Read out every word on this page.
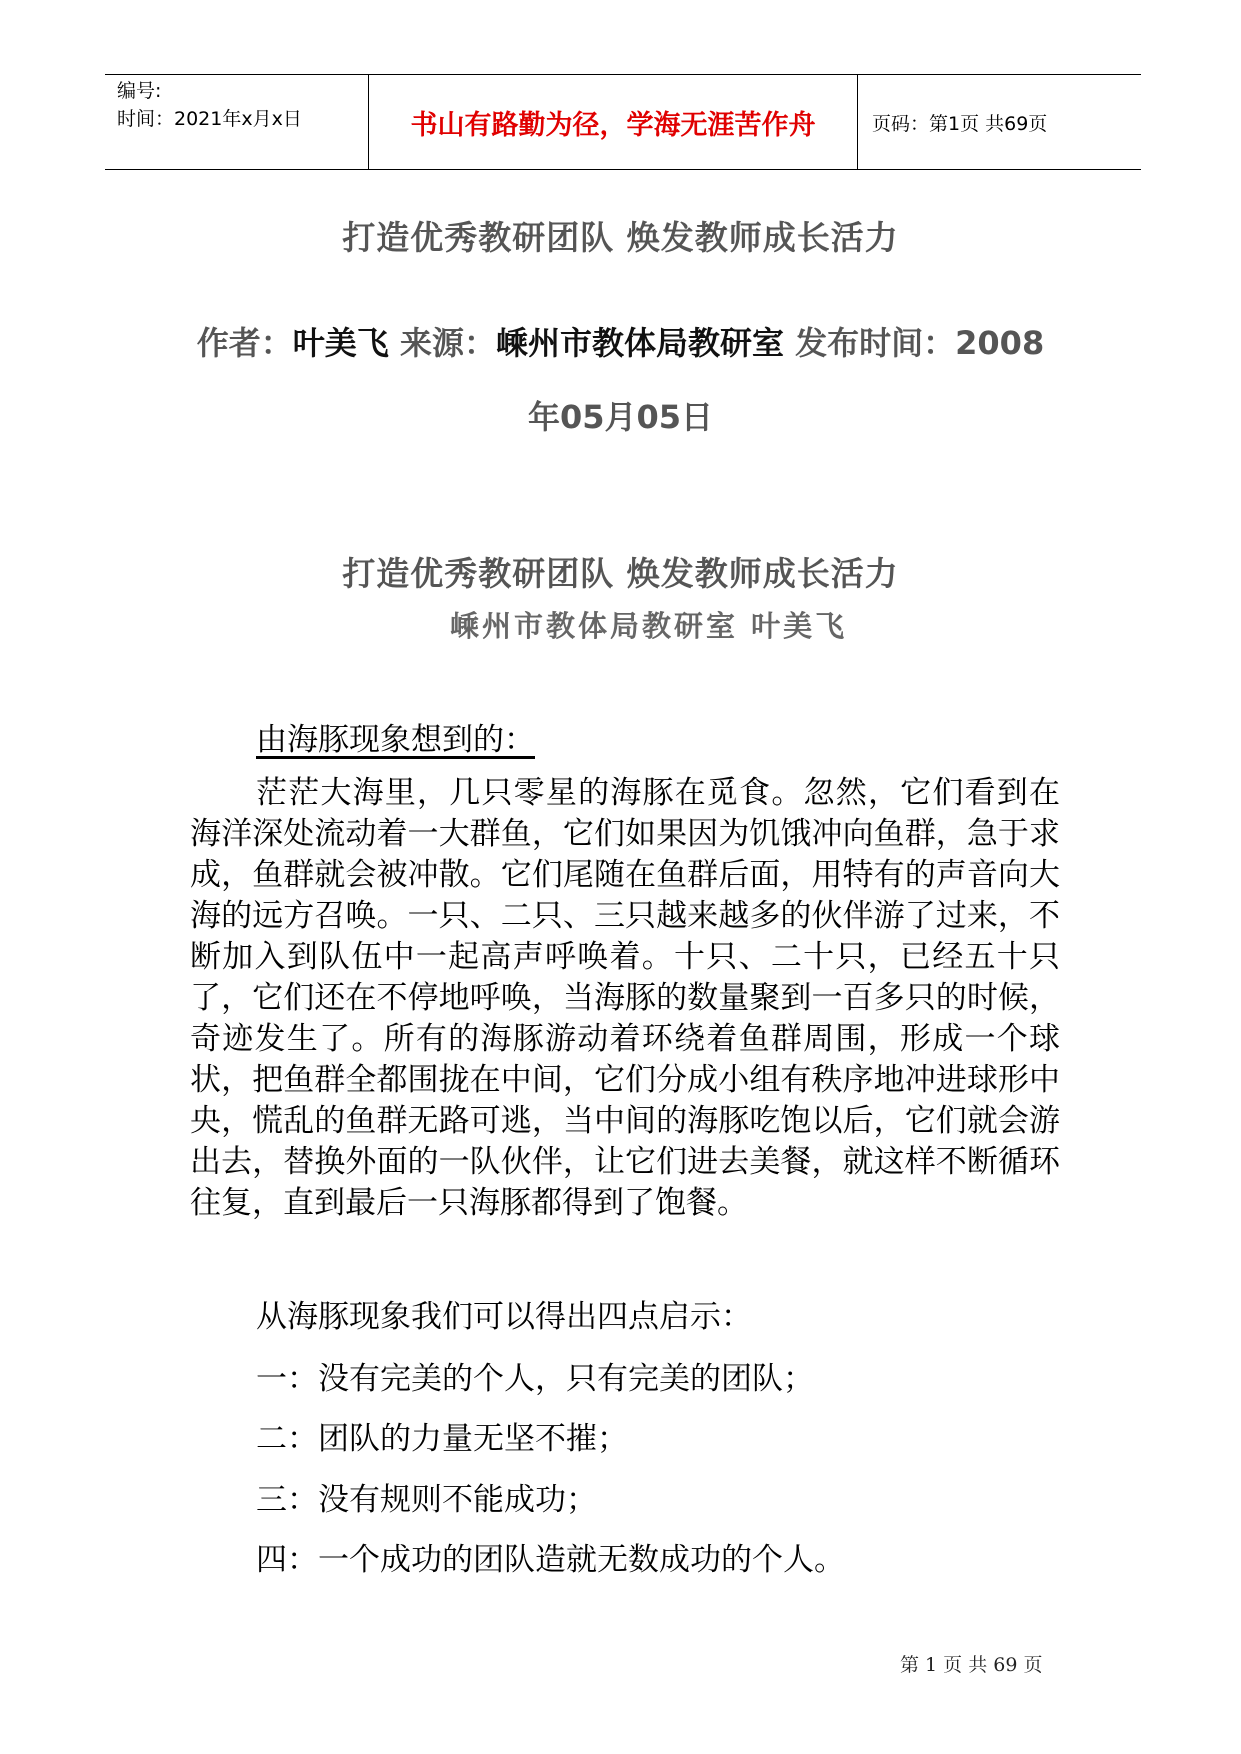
编号:
时间：2021年x月x日	书山有路勤为径，学海无涯苦作舟	页码：第1页 共69页
打造优秀教研团队 焕发教师成长活力
作者：叶美飞 来源：嵊州市教体局教研室 发布时间：2008
年05月05日
打造优秀教研团队 焕发教师成长活力
嵊州市教体局教研室 叶美飞
由海豚现象想到的：
茫茫大海里，几只零星的海豚在觅食。忽然，它们看到在海洋深处流动着一大群鱼，它们如果因为饥饿冲向鱼群，急于求成，鱼群就会被冲散。它们尾随在鱼群后面，用特有的声音向大海的远方召唤。一只、二只、三只越来越多的伙伴游了过来，不断加入到队伍中一起高声呼唤着。十只、二十只，已经五十只了，它们还在不停地呼唤，当海豚的数量聚到一百多只的时候，奇迹发生了。所有的海豚游动着环绕着鱼群周围，形成一个球状，把鱼群全都围拢在中间，它们分成小组有秩序地冲进球形中央，慌乱的鱼群无路可逃，当中间的海豚吃饱以后，它们就会游出去，替换外面的一队伙伴，让它们进去美餐，就这样不断循环往复，直到最后一只海豚都得到了饱餐。
从海豚现象我们可以得出四点启示：
一：没有完美的个人，只有完美的团队；
二：团队的力量无坚不摧；
三：没有规则不能成功；
四：一个成功的团队造就无数成功的个人。
第 1 页 共 69 页
